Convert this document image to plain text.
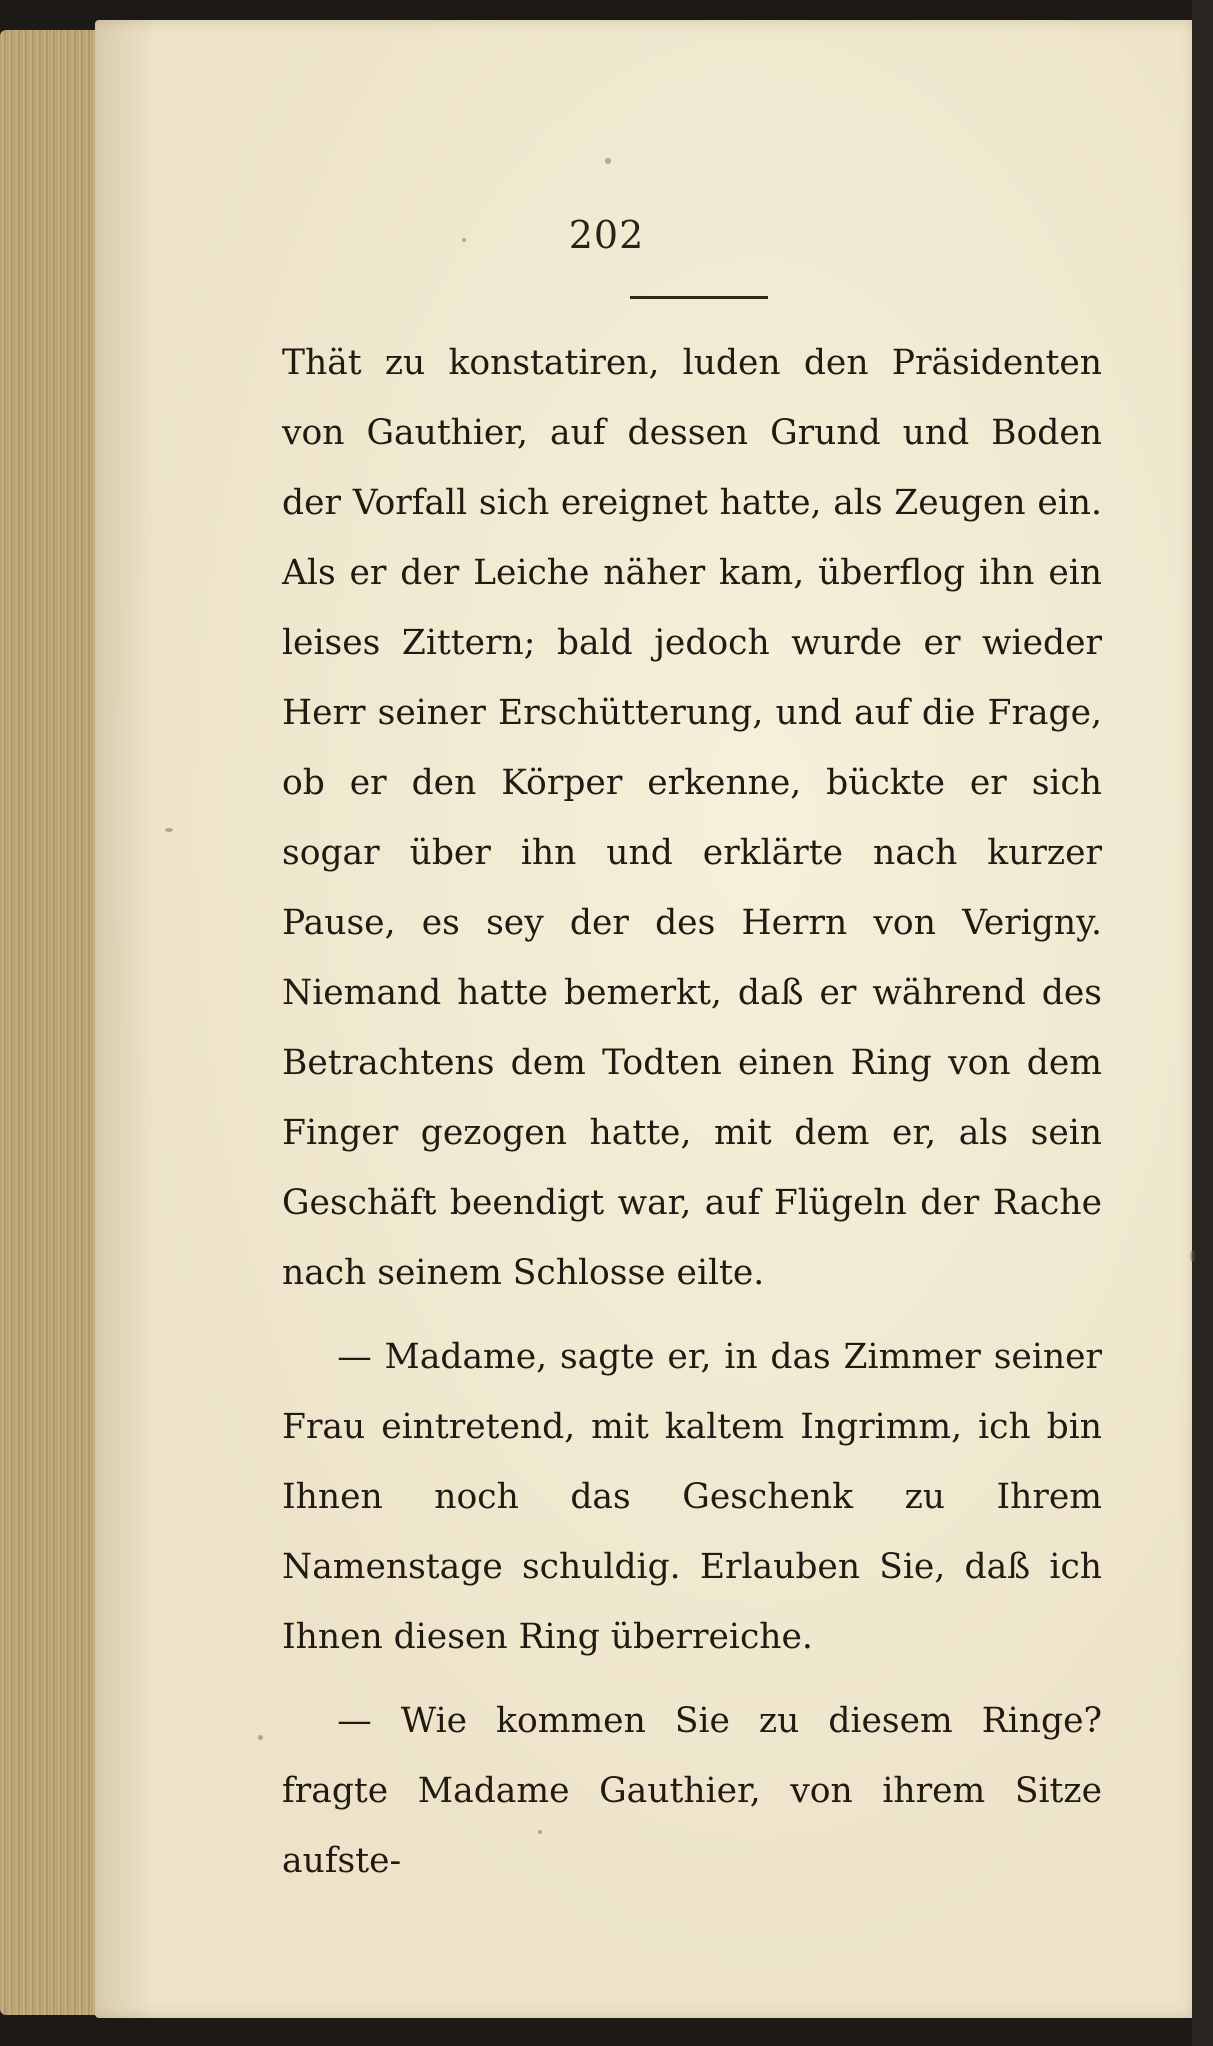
202

Thät zu konstatiren, luden den Präsidenten von Gauthier, auf dessen Grund und Boden der Vorfall sich ereignet hatte, als Zeugen ein. Als er der Leiche näher kam, überflog ihn ein leises Zittern; bald jedoch wurde er wieder Herr seiner Erschütterung, und auf die Frage, ob er den Körper erkenne, bückte er sich sogar über ihn und erklärte nach kurzer Pause, es sey der des Herrn von Verigny. Niemand hatte bemerkt, daß er während des Betrachtens dem Todten einen Ring von dem Finger gezogen hatte, mit dem er, als sein Geschäft beendigt war, auf Flügeln der Rache nach seinem Schlosse eilte.

— Madame, sagte er, in das Zimmer seiner Frau eintretend, mit kaltem Ingrimm, ich bin Ihnen noch das Geschenk zu Ihrem Namenstage schuldig. Erlauben Sie, daß ich Ihnen diesen Ring überreiche.

— Wie kommen Sie zu diesem Ringe? fragte Madame Gauthier, von ihrem Sitze aufste-
